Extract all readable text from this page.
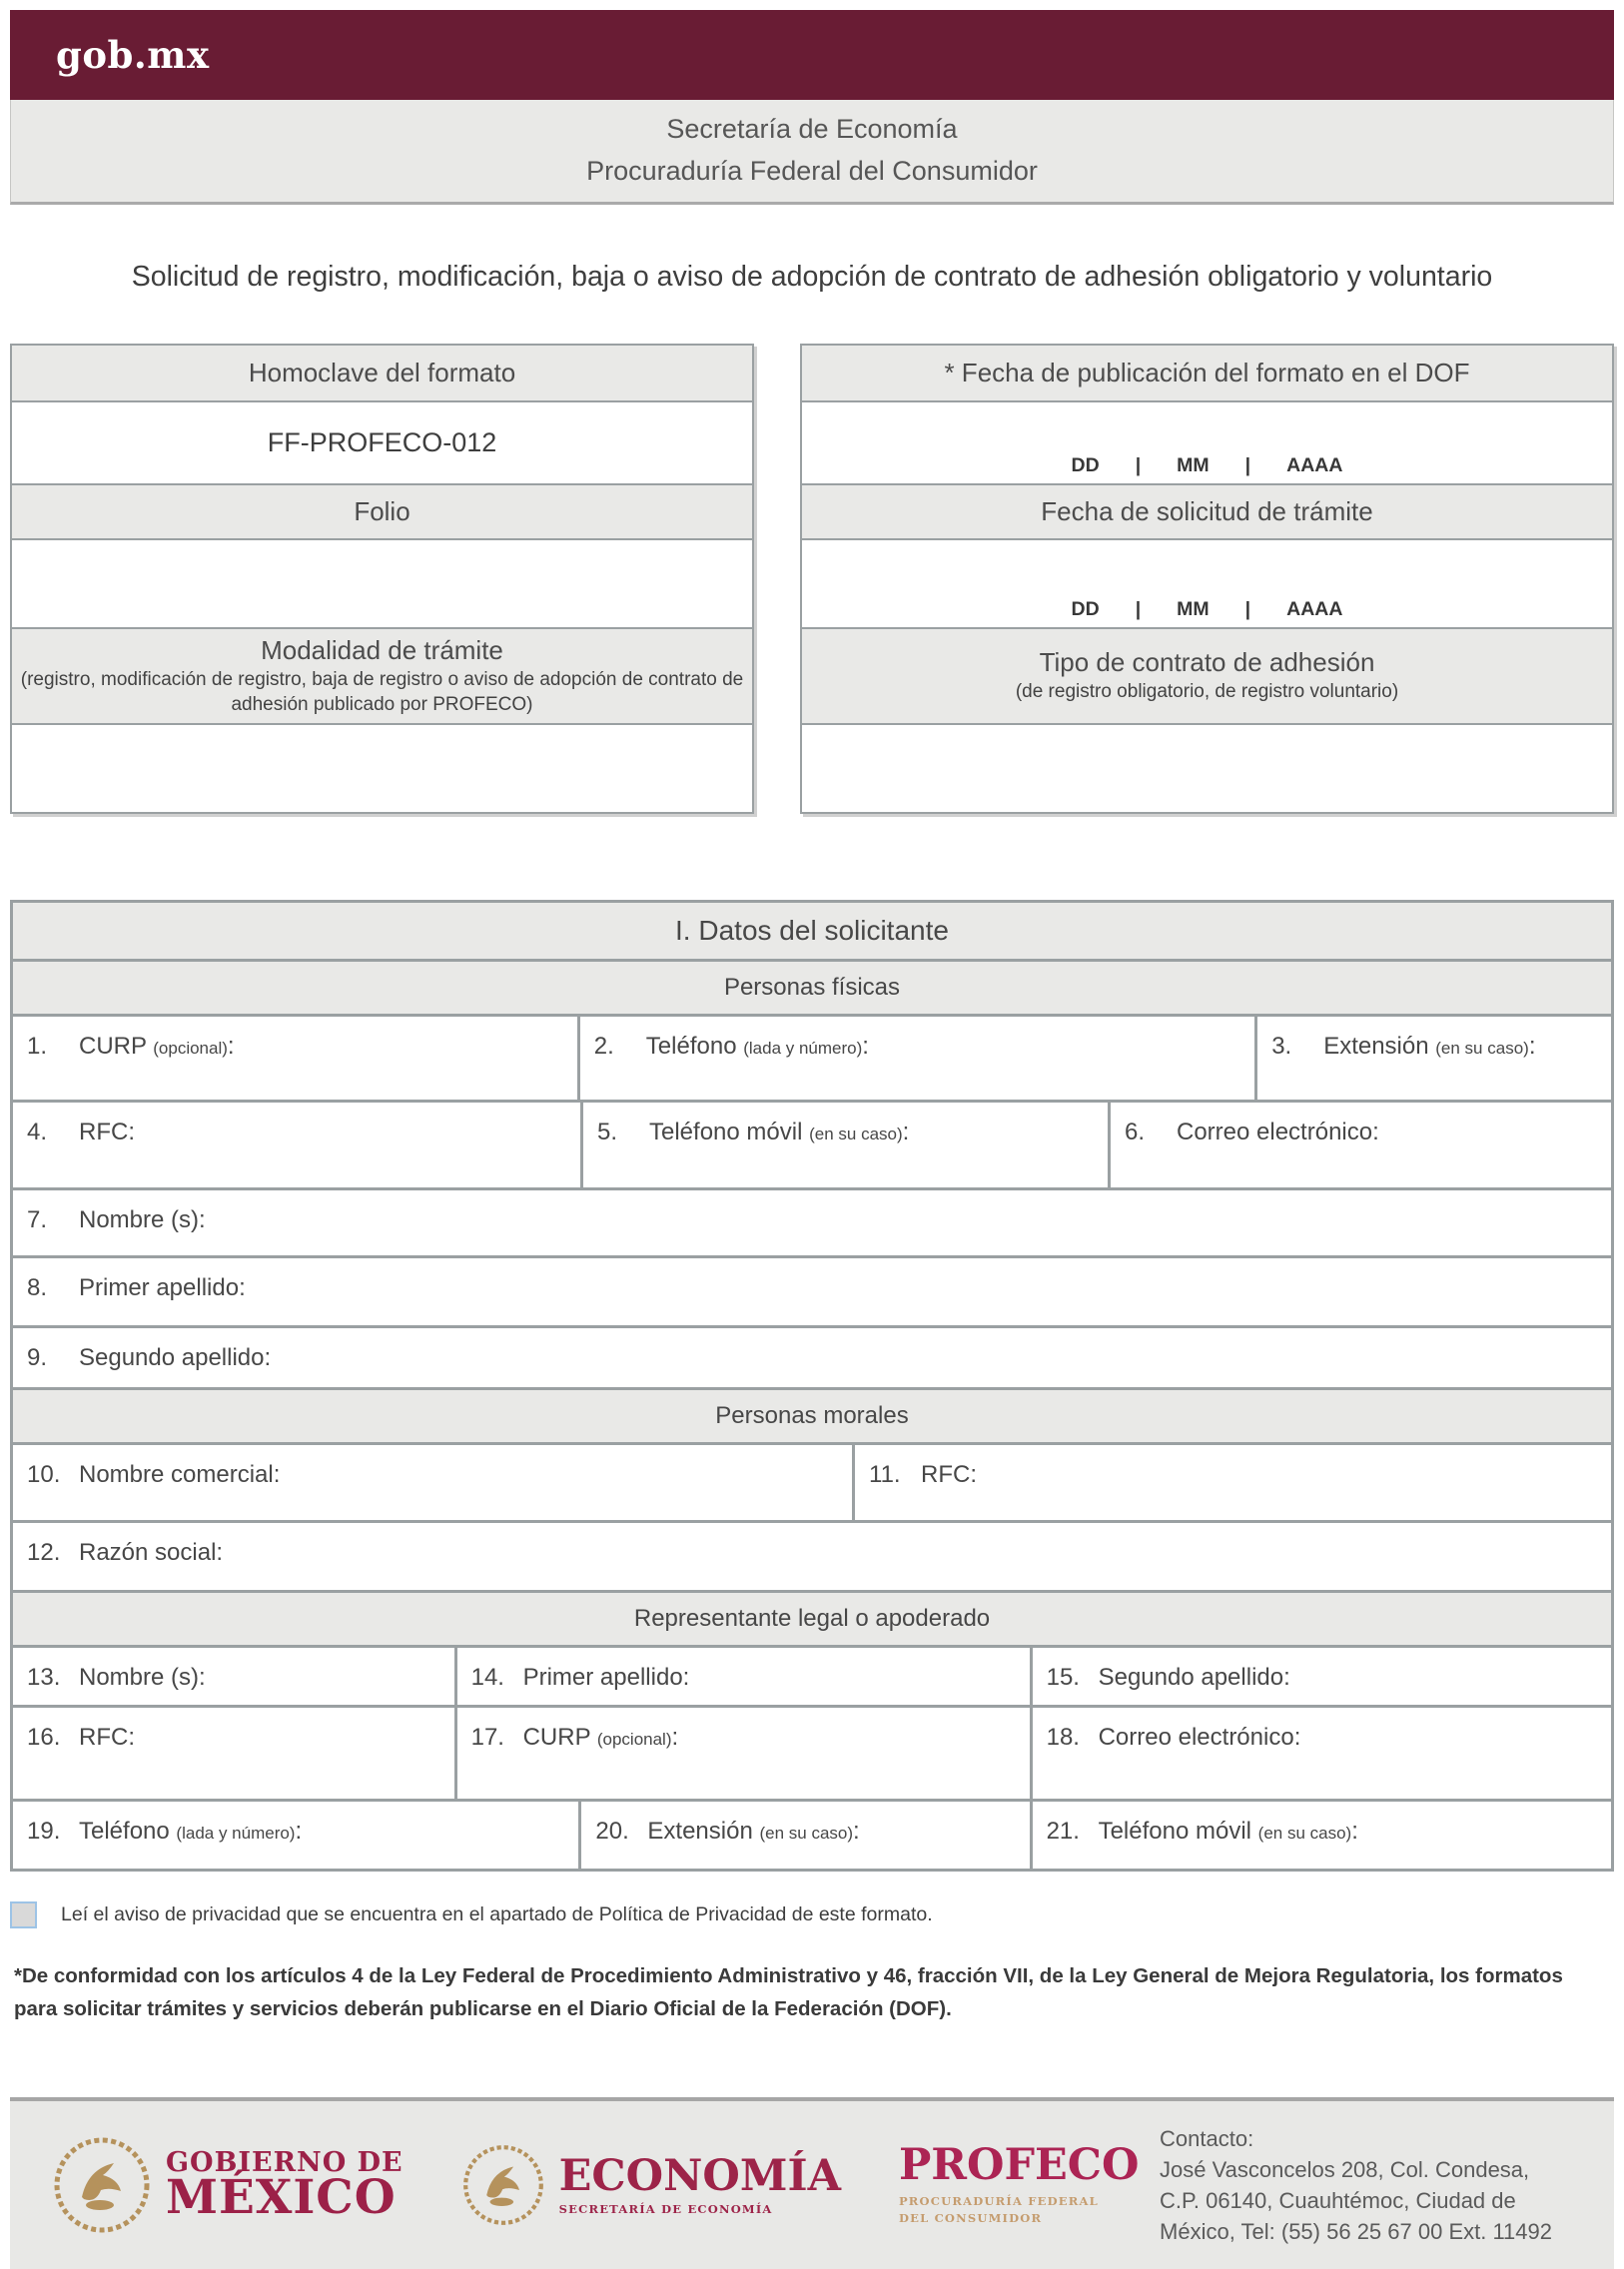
gob.mx
Secretaría de Economía
Procuraduría Federal del Consumidor
Solicitud de registro, modificación, baja o aviso de adopción de contrato de adhesión obligatorio y voluntario
Homoclave del formato
FF-PROFECO-012
Folio
Modalidad de trámite
(registro, modificación de registro, baja de registro o aviso de adopción de contrato de adhesión publicado por PROFECO)
* Fecha de publicación del formato en el DOF
DD | MM | AAAA
Fecha de solicitud de trámite
DD | MM | AAAA
Tipo de contrato de adhesión
(de registro obligatorio, de registro voluntario)
I. Datos del solicitante
Personas físicas
1. CURP (opcional):	2. Teléfono (lada y número):	3. Extensión (en su caso):
4. RFC:	5. Teléfono móvil (en su caso):	6. Correo electrónico:
7. Nombre (s):
8. Primer apellido:
9. Segundo apellido:
Personas morales
10. Nombre comercial:	11. RFC:
12. Razón social:
Representante legal o apoderado
13. Nombre (s):	14. Primer apellido:	15. Segundo apellido:
16. RFC:	17. CURP (opcional):	18. Correo electrónico:
19. Teléfono (lada y número):	20. Extensión (en su caso):	21. Teléfono móvil (en su caso):
Leí el aviso de privacidad que se encuentra en el apartado de Política de Privacidad de este formato.
*De conformidad con los artículos 4 de la Ley Federal de Procedimiento Administrativo y 46, fracción VII, de la Ley General de Mejora Regulatoria, los formatos para solicitar trámites y servicios deberán publicarse en el Diario Oficial de la Federación (DOF).
GOBIERNO DE
MÉXICO	ECONOMÍA
SECRETARÍA DE ECONOMÍA
PROFECO
PROCURADURÍA FEDERAL
DEL CONSUMIDOR
Contacto:
José Vasconcelos 208, Col. Condesa,
C.P. 06140, Cuauhtémoc, Ciudad de
México, Tel: (55) 56 25 67 00 Ext. 11492
